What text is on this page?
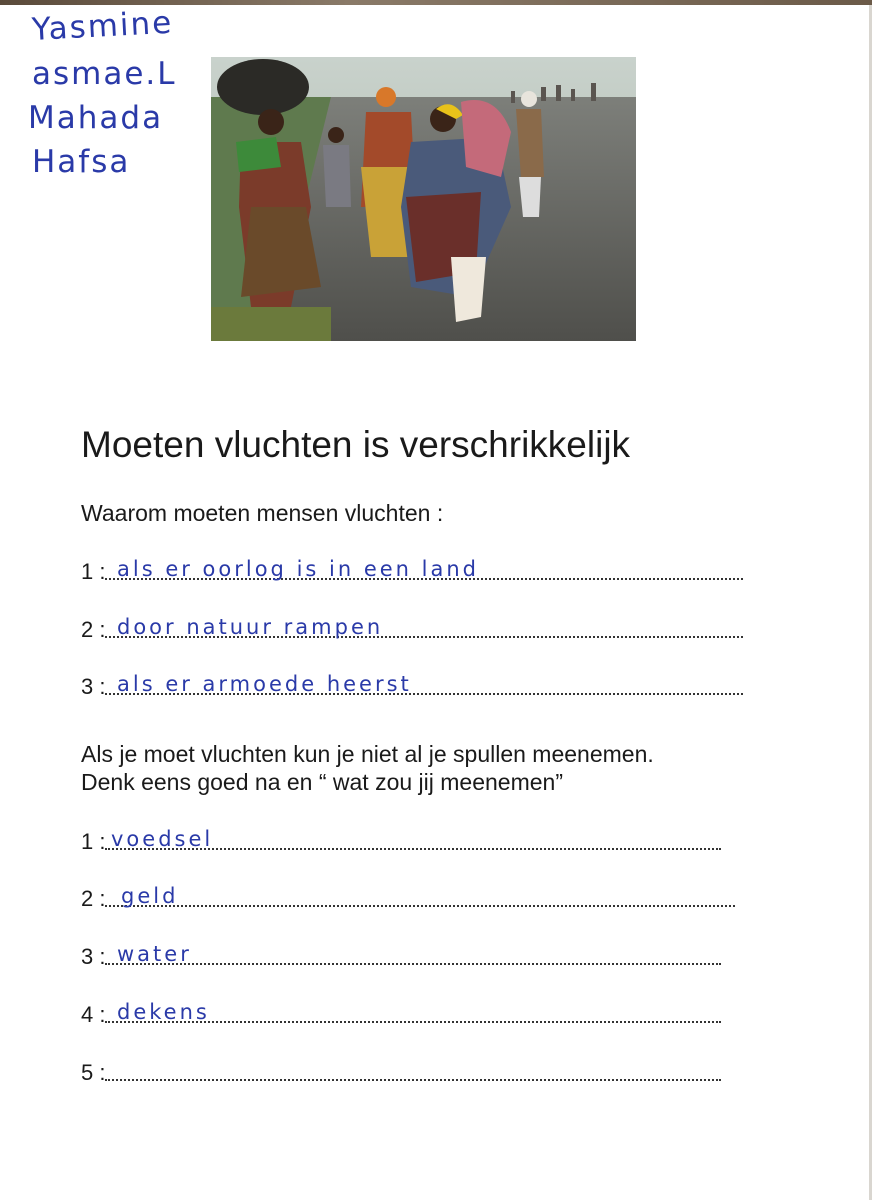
Yasmine
asmae.L
Mahada
Hafsa
Moeten vluchten is verschrikkelijk
Waarom moeten mensen vluchten :
1 : als er oorlog is in een land
2 : door natuur rampen
3 : als er armoede heerst
Als je moet vluchten kun je niet al je spullen meenemen.
Denk eens goed na en “ wat zou jij meenemen”
1 : voedsel
2 : geld
3 : water
4 : dekens
5 :
